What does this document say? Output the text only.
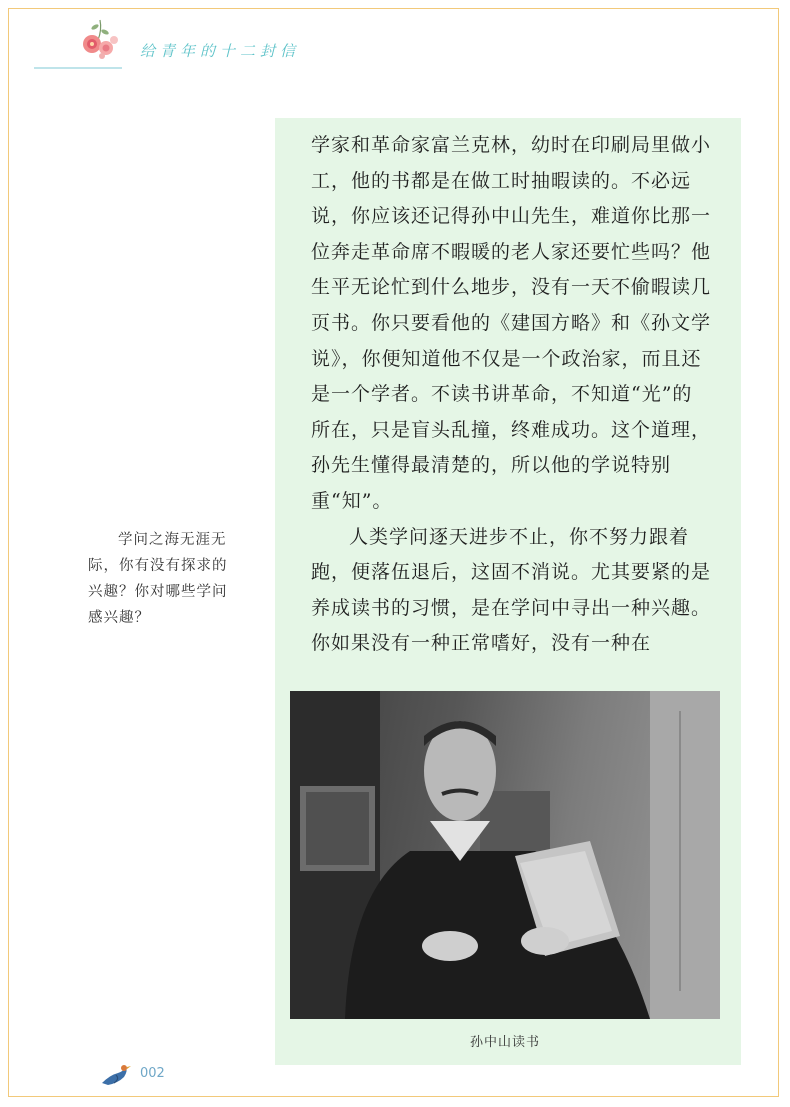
给青年的十二封信

学家和革命家富兰克林，幼时在印刷局里做小工，他的书都是在做工时抽暇读的。不必远说，你应该还记得孙中山先生，难道你比那一位奔走革命席不暇暖的老人家还要忙些吗？他生平无论忙到什么地步，没有一天不偷暇读几页书。你只要看他的《建国方略》和《孙文学说》，你便知道他不仅是一个政治家，而且还是一个学者。不读书讲革命，不知道“光”的所在，只是盲头乱撞，终难成功。这个道理，孙先生懂得最清楚的，所以他的学说特别重“知”。

人类学问逐天进步不止，你不努力跟着跑，便落伍退后，这固不消说。尤其要紧的是养成读书的习惯，是在学问中寻出一种兴趣。你如果没有一种正常嗜好，没有一种在

学问之海无涯无际，你有没有探求的兴趣？你对哪些学问感兴趣？

孙中山读书
002
